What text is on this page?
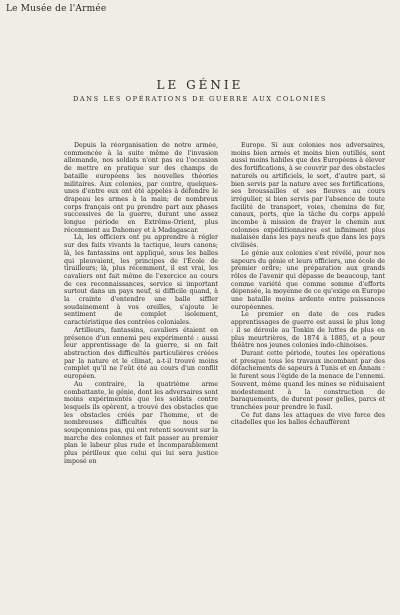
Le Musée de l'Armée
LE GÉNIE
DANS LES OPÉRATIONS DE GUERRE AUX COLONIES

Depuis la réorganisation de notre armée, commencée à la suite même de l'invasion allemande, nos soldats n'ont pas eu l'occasion de mettre en pratique sur des champs de bataille européens les nouvelles théories militaires. Aux colonies, par contre, quelques-unes d'entre eux ont été appelés à défendre le drapeau les armes à la main; de nombreux corps français ont pu prendre part aux phases successives de la guerre, durant une assez longue période en Extrême-Orient, plus récemment au Dahomey et à Madagascar.

Là, les officiers ont pu apprendre à régler sur des faits vivants la tactique, leurs canons; là, les fantassins ont appliqué, sous les balles qui pleuvaient, les principes de l'École de tirailleurs; là, plus récemment, il est vrai, les cavaliers ont fait même de l'exercice au cours de ces reconnaissances, service si important surtout dans un pays neuf, si difficile quand, à la crainte d'entendre une balle siffler soudainement à vos oreilles, s'ajoute le sentiment de complet isolement, caractéristique des contrées coloniales.

Artilleurs, fantassins, cavaliers étaient en présence d'un ennemi peu expérimenté : aussi leur apprentissage de la guerre, si on fait abstraction des difficultés particulières créées par la nature et le climat, a-t-il trouvé moins complet qu'il ne l'eût été au cours d'un conflit européen.

Au contraire, la quatrième arme combattante, le génie, dont les adversaires sont moins expérimentés que les soldats contre lesquels ils opèrent, a trouvé des obstacles que les obstacles créés par l'homme, et de nombreuses difficultés que nous ne soupçonnions pas, qui ont retenti souvent sur la marche des colonnes et fait passer au premier plan le labeur plus rude et incomparablement plus périlleux que celui qui lui sera justice imposé en

Europe. Si aux colonies nos adversaires, moins bien armés et moins bien outillés, sont aussi moins habiles que des Européens à élever des fortifications, à se couvrir par des obstacles naturels ou artificiels, le sort, d'autre part, si bien servis par la nature avec ses fortifications, ses broussailles et ses fleuves au cours irrégulier, si bien servis par l'absence de toute facilité de transport, voies, chemins de fer, canaux, ports, que la tâche du corps appelé incombe à mission de frayer le chemin aux colonnes expéditionnaires est infiniment plus malaisée dans les pays neufs que dans les pays civilisés.

Le génie aux colonies s'est révélé, pour nos sapeurs du génie et leurs officiers, une école de premier ordre; une préparation aux grands rôles de l'avenir qui dépasse de beaucoup, tant comme variété que comme somme d'efforts dépensée, la moyenne de ce qu'exige en Europe une bataille moins ardente entre puissances européennes.

Le premier en date de ces rudes apprentissages de guerre est aussi le plus long : il se déroule au Tonkin de luttes de plus en plus meurtrières, de 1874 à 1885, et a pour théâtre nos jeunes colonies indo-chinoises.

Durant cette période, toutes les opérations et presque tous les travaux incombant par des détachements de sapeurs à Tunis et en Annam : le furent sous l'égide de la menace de l'ennemi. Souvent, même quand les mines se réduisaient modestement à la construction de baraquements, de durent poser gelles, parcs et tranchées pour prendre le fusil.

Ce fut dans les attaques de vive force des citadelles que les balles échauffèrent
